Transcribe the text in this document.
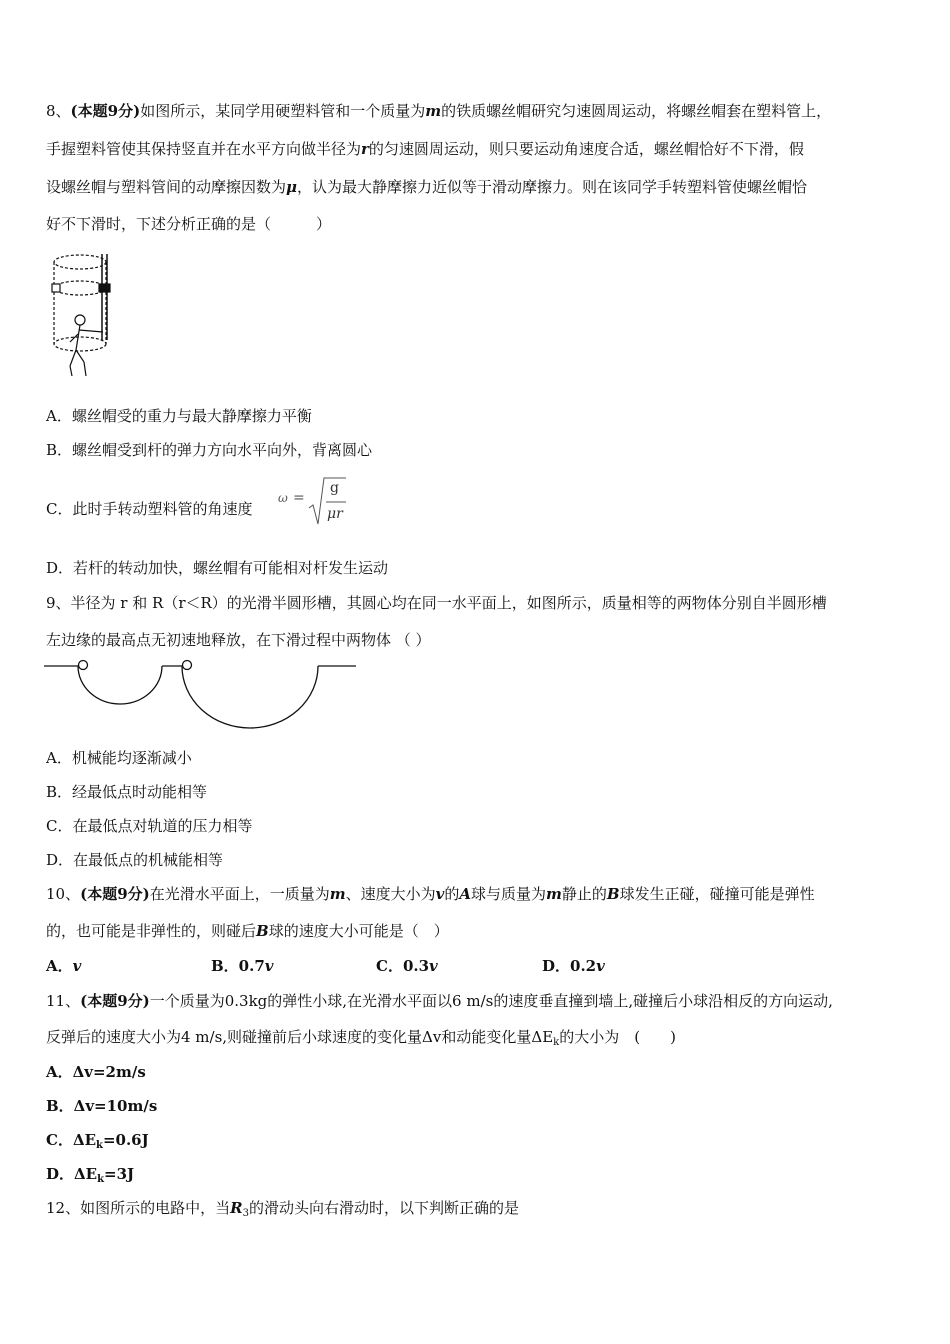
8、(本题9分)如图所示，某同学用硬塑料管和一个质量为m的铁质螺丝帽研究匀速圆周运动，将螺丝帽套在塑料管上，
手握塑料管使其保持竖直并在水平方向做半径为r的匀速圆周运动，则只要运动角速度合适，螺丝帽恰好不下滑，假
设螺丝帽与塑料管间的动摩擦因数为μ，认为最大静摩擦力近似等于滑动摩擦力。则在该同学手转塑料管使螺丝帽恰
好不下滑时，下述分析正确的是（　　　）
A．螺丝帽受的重力与最大静摩擦力平衡
B．螺丝帽受到杆的弹力方向水平向外，背离圆心
C．此时手转动塑料管的角速度
ω =
g
μr
D．若杆的转动加快，螺丝帽有可能相对杆发生运动
9、半径为 r 和 R（r＜R）的光滑半圆形槽，其圆心均在同一水平面上，如图所示，质量相等的两物体分别自半圆形槽
左边缘的最高点无初速地释放，在下滑过程中两物体 （ ）
A．机械能均逐渐减小
B．经最低点时动能相等
C．在最低点对轨道的压力相等
D．在最低点的机械能相等
10、(本题9分)在光滑水平面上，一质量为m、速度大小为v的A球与质量为m静止的B球发生正碰，碰撞可能是弹性
的，也可能是非弹性的，则碰后B球的速度大小可能是（　）
A．v	B．0.7v	C．0.3v	D．0.2v
11、(本题9分)一个质量为0.3kg的弹性小球,在光滑水平面以6 m/s的速度垂直撞到墙上,碰撞后小球沿相反的方向运动,
反弹后的速度大小为4 m/s,则碰撞前后小球速度的变化量Δv和动能变化量$\Delta E_k$的大小为　(　　)
A．Δv=2m/s
B．Δv=10m/s
C．$\Delta E_k=0.6J$
D．$\Delta E_k=3J$
12、如图所示的电路中，当$R_3$的滑动头向右滑动时，以下判断正确的是
